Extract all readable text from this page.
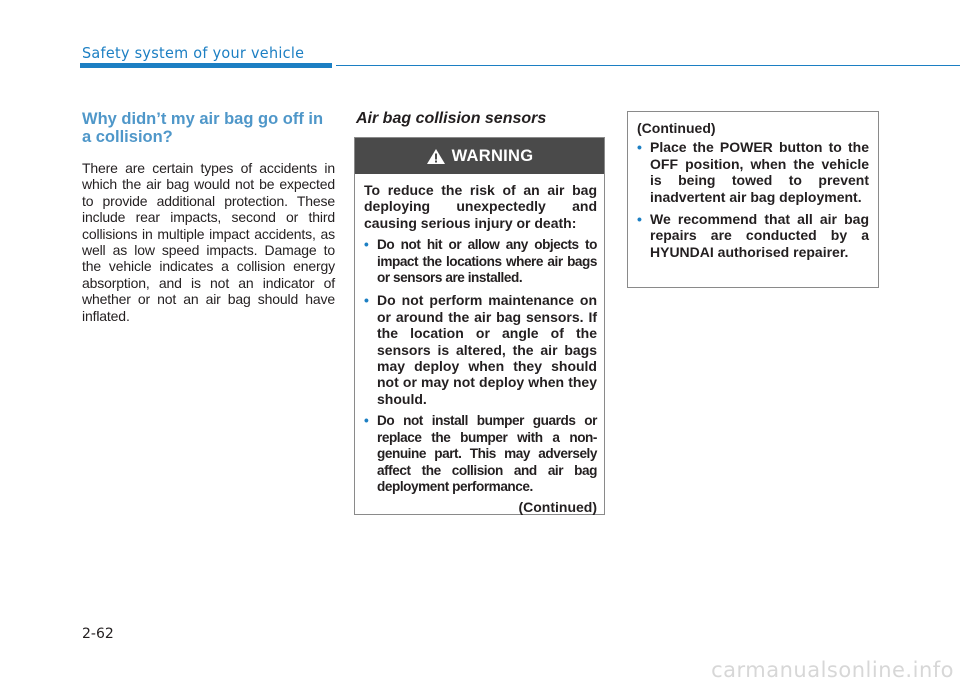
Safety system of your vehicle
Why didn’t my air bag go off in a collision?

There are certain types of accidents in which the air bag would not be expected to provide additional protection. These include rear impacts, second or third collisions in multiple impact accidents, as well as low speed impacts. Damage to the vehicle indicates a collision energy absorption, and is not an indicator of whether or not an air bag should have inflated.

Air bag collision sensors
WARNING

To reduce the risk of an air bag deploying unexpectedly and causing serious injury or death:

• Do not hit or allow any objects to impact the locations where air bags or sensors are installed.
• Do not perform maintenance on or around the air bag sensors. If the location or angle of the sensors is altered, the air bags may deploy when they should not or may not deploy when they should.
• Do not install bumper guards or replace the bumper with a non-genuine part. This may adversely affect the collision and air bag deployment performance.
(Continued)

(Continued)

• Place the POWER button to the OFF position, when the vehicle is being towed to prevent inadvertent air bag deployment.
• We recommend that all air bag repairs are conducted by a HYUNDAI authorised repairer.
2-62
carmanualsonline.info
